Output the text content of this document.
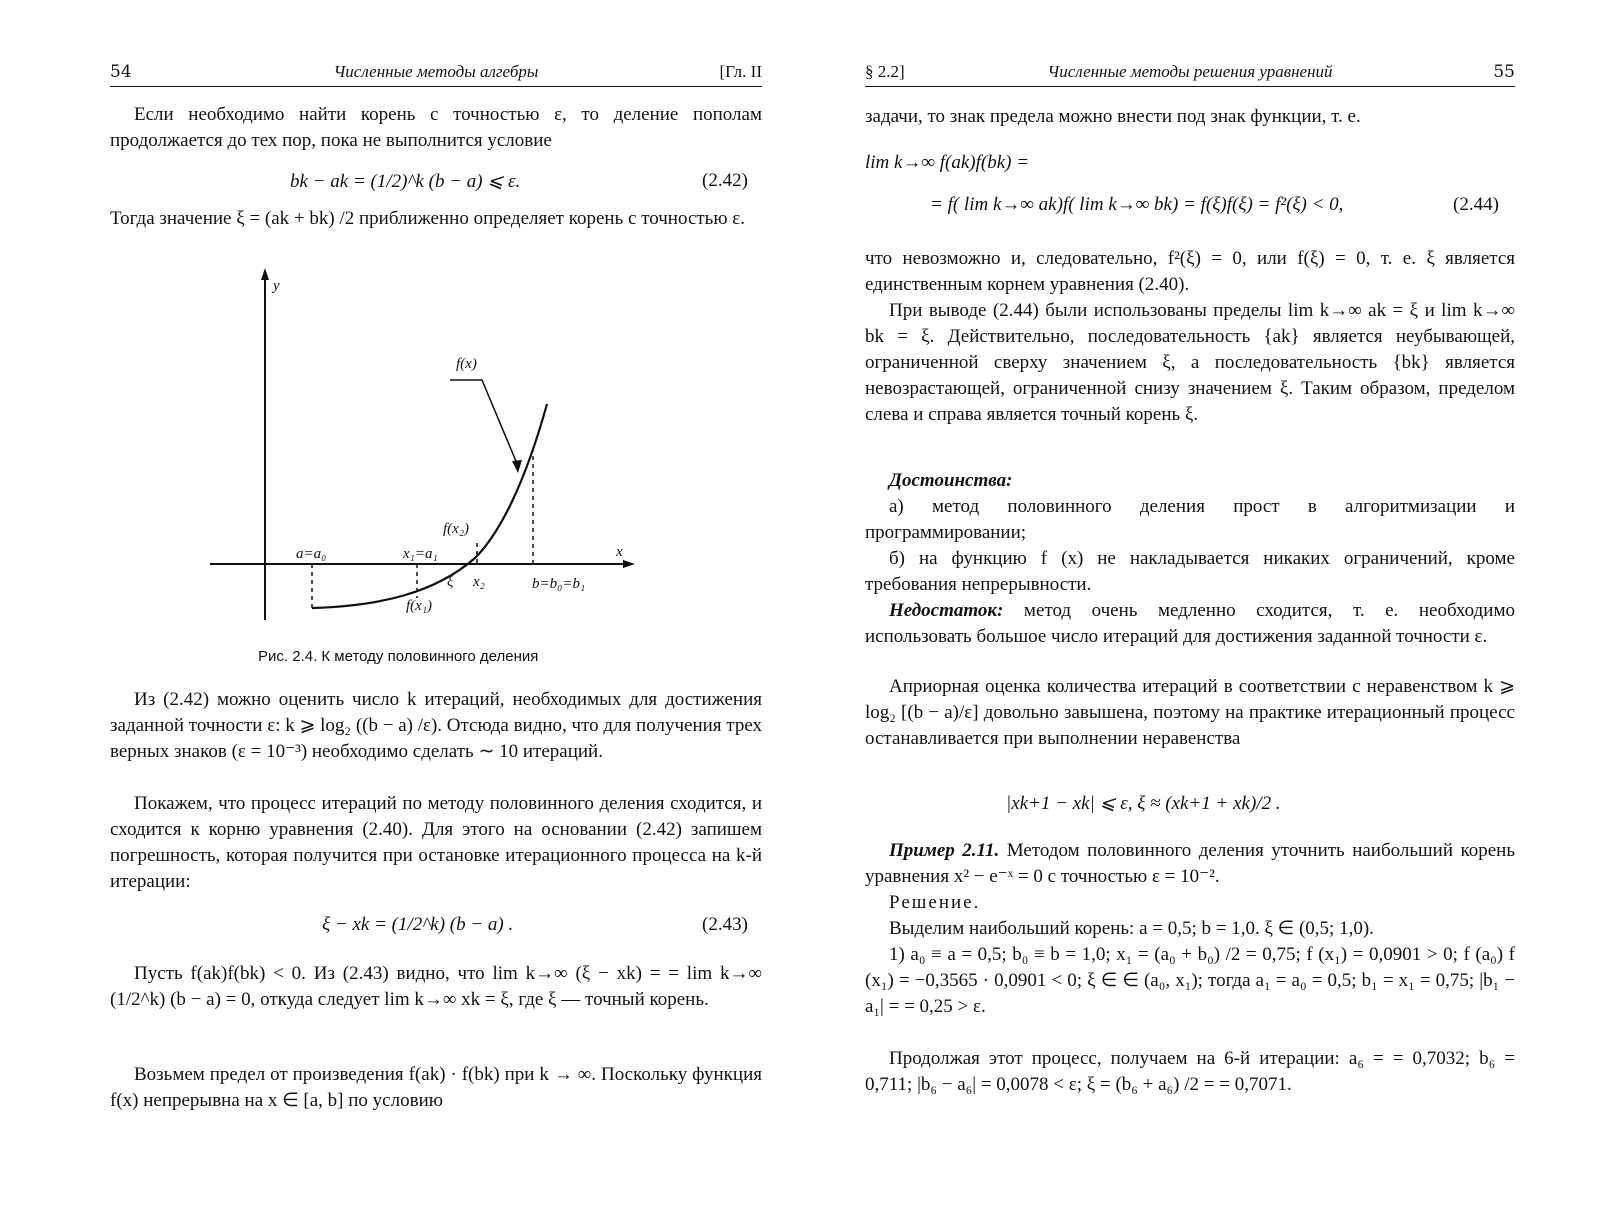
54	Численные методы алгебры	[Гл. II

Если необходимо найти корень с точностью ε, то деление пополам продолжается до тех пор, пока не выполнится условие

bk − ak = (1/2)^k (b − a) ⩽ ε.	(2.42)

Тогда значение ξ = (ak + bk) /2 приближенно определяет корень с точностью ε.

y
x
f(x)
f(x₂)
f(x₁)
a=a₀	x₁=a₁
ξ x₂	b=b₀=b₁
Рис. 2.4. К методу половинного деления

Из (2.42) можно оценить число k итераций, необходимых для достижения заданной точности ε: k ⩾ log₂ ((b − a) /ε). Отсюда видно, что для получения трех верных знаков (ε = 10⁻³) необходимо сделать ∼ 10 итераций.

Покажем, что процесс итераций по методу половинного деления сходится, и сходится к корню уравнения (2.40). Для этого на основании (2.42) запишем погрешность, которая получится при остановке итерационного процесса на k-й итерации:

ξ − xk = (1/2^k) (b − a) .	(2.43)

Пусть f(ak)f(bk) < 0. Из (2.43) видно, что lim k→∞ (ξ − xk) = = lim k→∞ (1/2^k) (b − a) = 0, откуда следует lim k→∞ xk = ξ, где ξ — точный корень.

Возьмем предел от произведения f(ak) · f(bk) при k → ∞. Поскольку функция f(x) непрерывна на x ∈ [a, b] по условию

§ 2.2]	Численные методы решения уравнений	55

задачи, то знак предела можно внести под знак функции, т. е.

lim k→∞ f(ak)f(bk) =
= f( lim k→∞ ak)f( lim k→∞ bk) = f(ξ)f(ξ) = f²(ξ) < 0,	(2.44)

что невозможно и, следовательно, f²(ξ) = 0, или f(ξ) = 0, т. е. ξ является единственным корнем уравнения (2.40).

При выводе (2.44) были использованы пределы lim k→∞ ak = ξ и lim k→∞ bk = ξ. Действительно, последовательность {ak} является неубывающей, ограниченной сверху значением ξ, а последовательность {bk} является невозрастающей, ограниченной снизу значением ξ. Таким образом, пределом слева и справа является точный корень ξ.

Достоинства:

а) метод половинного деления прост в алгоритмизации и программировании;

б) на функцию f (x) не накладывается никаких ограничений, кроме требования непрерывности.

Недостаток: метод очень медленно сходится, т. е. необходимо использовать большое число итераций для достижения заданной точности ε.

Априорная оценка количества итераций в соответствии с неравенством k ⩾ log₂ [(b − a)/ε] довольно завышена, поэтому на практике итерационный процесс останавливается при выполнении неравенства

|xk+1 − xk| ⩽ ε, ξ ≈ (xk+1 + xk)/2 .

Пример 2.11. Методом половинного деления уточнить наибольший корень уравнения x² − e⁻ˣ = 0 с точностью ε = 10⁻².

Решение.

Выделим наибольший корень: a = 0,5; b = 1,0. ξ ∈ (0,5; 1,0).

1) a₀ ≡ a = 0,5; b₀ ≡ b = 1,0; x₁ = (a₀ + b₀) /2 = 0,75; f (x₁) = 0,0901 > 0; f (a₀) f (x₁) = −0,3565 · 0,0901 < 0; ξ ∈ ∈ (a₀, x₁); тогда a₁ = a₀ = 0,5; b₁ = x₁ = 0,75; |b₁ − a₁| = = 0,25 > ε.

Продолжая этот процесс, получаем на 6-й итерации: a₆ = = 0,7032; b₆ = 0,711; |b₆ − a₆| = 0,0078 < ε; ξ = (b₆ + a₆) /2 = = 0,7071.
